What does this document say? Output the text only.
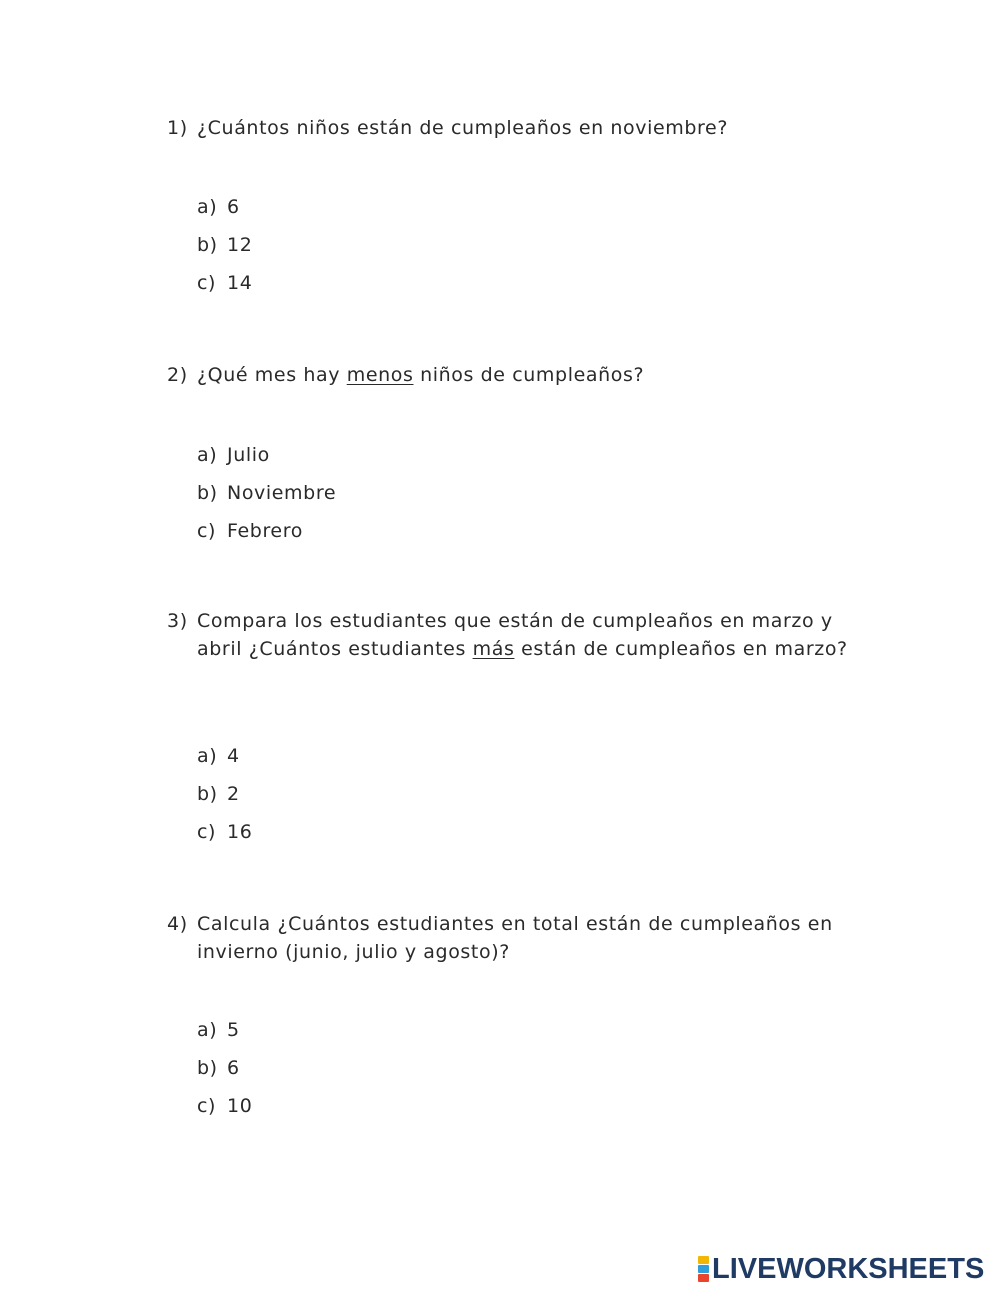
1) ¿Cuántos niños están de cumpleaños en noviembre?
a) 6
b) 12
c) 14
2) ¿Qué mes hay menos niños de cumpleaños?
a) Julio
b) Noviembre
c) Febrero
3) Compara los estudiantes que están de cumpleaños en marzo y abril ¿Cuántos estudiantes más están de cumpleaños en marzo?
a) 4
b) 2
c) 16
4) Calcula ¿Cuántos estudiantes en total están de cumpleaños en invierno (junio, julio y agosto)?
a) 5
b) 6
c) 10
LIVEWORKSHEETS
